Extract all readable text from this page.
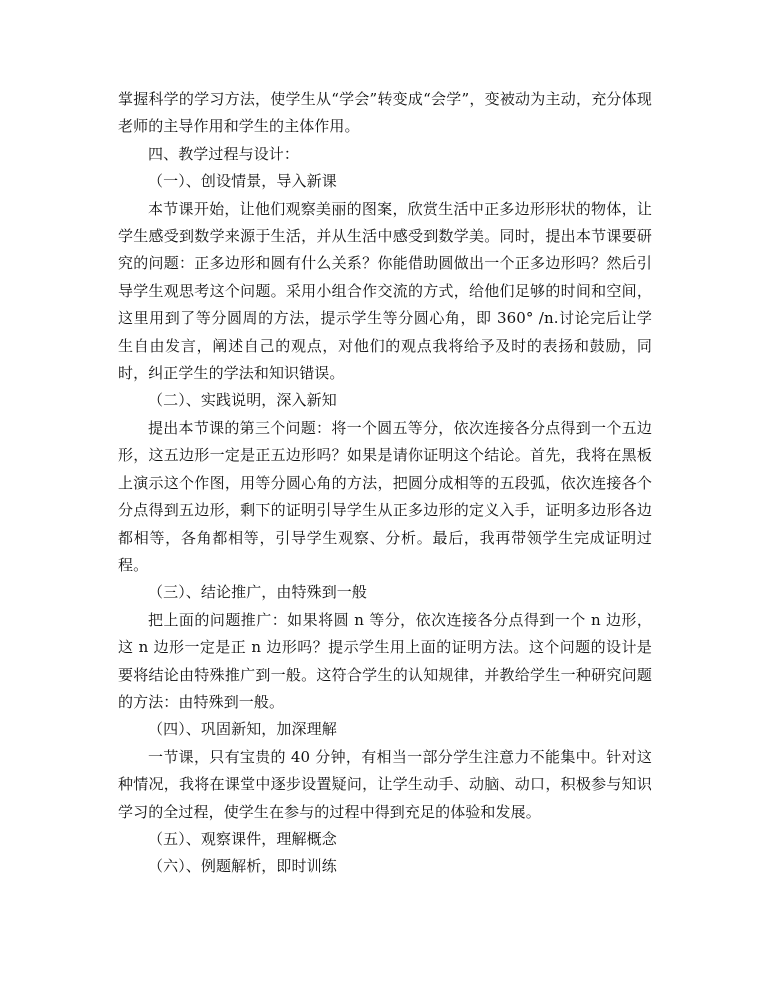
掌握科学的学习方法，使学生从“学会”转变成“会学”，变被动为主动，充分体现老师的主导作用和学生的主体作用。

四、教学过程与设计：

（一）、创设情景，导入新课

本节课开始，让他们观察美丽的图案，欣赏生活中正多边形形状的物体，让学生感受到数学来源于生活，并从生活中感受到数学美。同时，提出本节课要研究的问题：正多边形和圆有什么关系？你能借助圆做出一个正多边形吗？然后引导学生观思考这个问题。采用小组合作交流的方式，给他们足够的时间和空间，这里用到了等分圆周的方法，提示学生等分圆心角，即 360° /n.讨论完后让学生自由发言，阐述自己的观点，对他们的观点我将给予及时的表扬和鼓励，同时，纠正学生的学法和知识错误。

（二）、实践说明，深入新知

提出本节课的第三个问题：将一个圆五等分，依次连接各分点得到一个五边形，这五边形一定是正五边形吗？如果是请你证明这个结论。首先，我将在黑板上演示这个作图，用等分圆心角的方法，把圆分成相等的五段弧，依次连接各个分点得到五边形，剩下的证明引导学生从正多边形的定义入手，证明多边形各边都相等，各角都相等，引导学生观察、分析。最后，我再带领学生完成证明过程。

（三）、结论推广，由特殊到一般

把上面的问题推广：如果将圆 n 等分，依次连接各分点得到一个 n 边形，这 n 边形一定是正 n 边形吗？提示学生用上面的证明方法。这个问题的设计是要将结论由特殊推广到一般。这符合学生的认知规律，并教给学生一种研究问题的方法：由特殊到一般。

（四）、巩固新知，加深理解

一节课，只有宝贵的 40 分钟，有相当一部分学生注意力不能集中。针对这种情况，我将在课堂中逐步设置疑问，让学生动手、动脑、动口，积极参与知识学习的全过程，使学生在参与的过程中得到充足的体验和发展。

（五）、观察课件，理解概念

（六）、例题解析，即时训练
